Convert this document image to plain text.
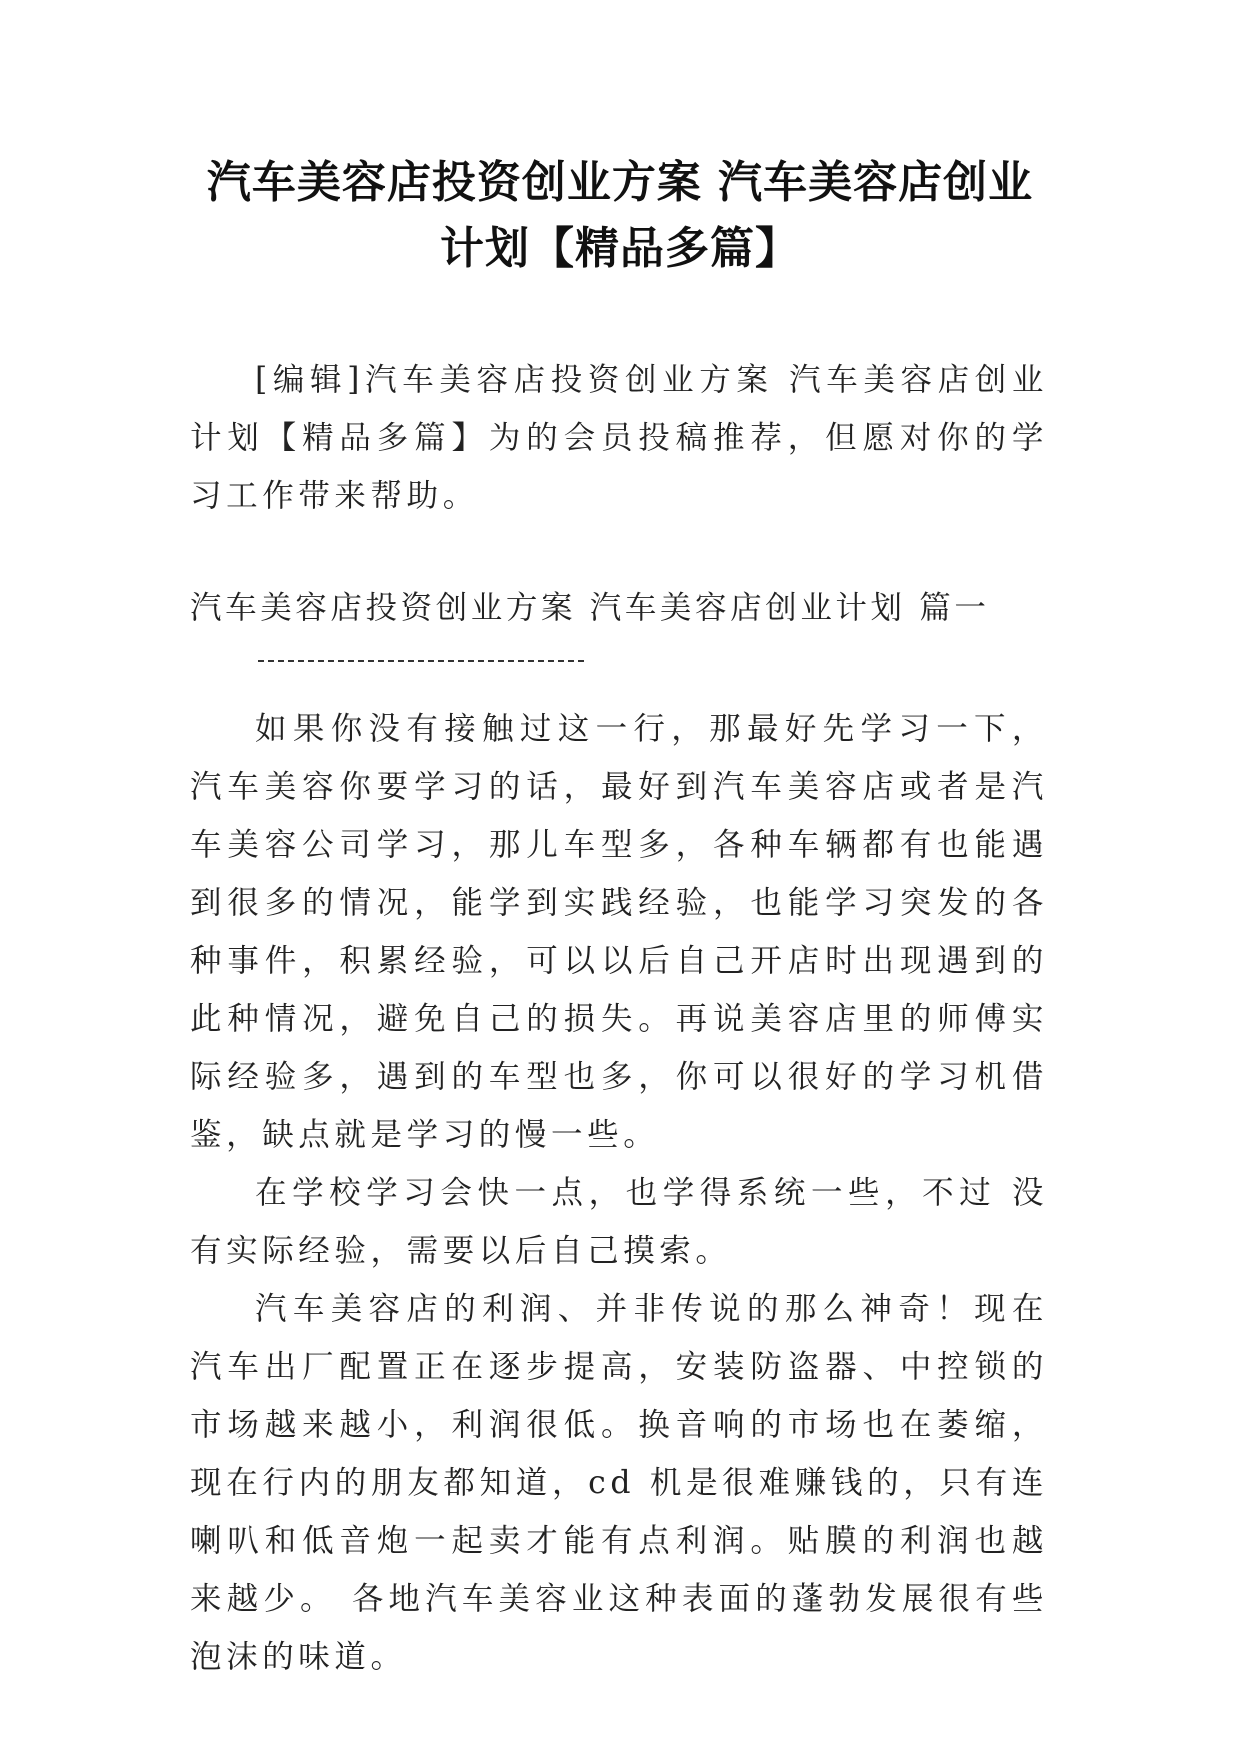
汽车美容店投资创业方案 汽车美容店创业计划【精品多篇】

[编辑]汽车美容店投资创业方案 汽车美容店创业计划【精品多篇】为的会员投稿推荐，但愿对你的学习工作带来帮助。

汽车美容店投资创业方案 汽车美容店创业计划 篇一

如果你没有接触过这一行，那最好先学习一下，汽车美容你要学习的话，最好到汽车美容店或者是汽车美容公司学习，那儿车型多，各种车辆都有也能遇到很多的情况，能学到实践经验，也能学习突发的各种事件，积累经验，可以以后自己开店时出现遇到的此种情况，避免自己的损失。再说美容店里的师傅实际经验多，遇到的车型也多，你可以很好的学习机借鉴，缺点就是学习的慢一些。

在学校学习会快一点，也学得系统一些，不过 没有实际经验，需要以后自己摸索。

汽车美容店的利润、并非传说的那么神奇！现在汽车出厂配置正在逐步提高，安装防盗器、中控锁的市场越来越小，利润很低。换音响的市场也在萎缩，现在行内的朋友都知道，cd 机是很难赚钱的，只有连喇叭和低音炮一起卖才能有点利润。贴膜的利润也越来越少。 各地汽车美容业这种表面的蓬勃发展很有些泡沫的味道。
